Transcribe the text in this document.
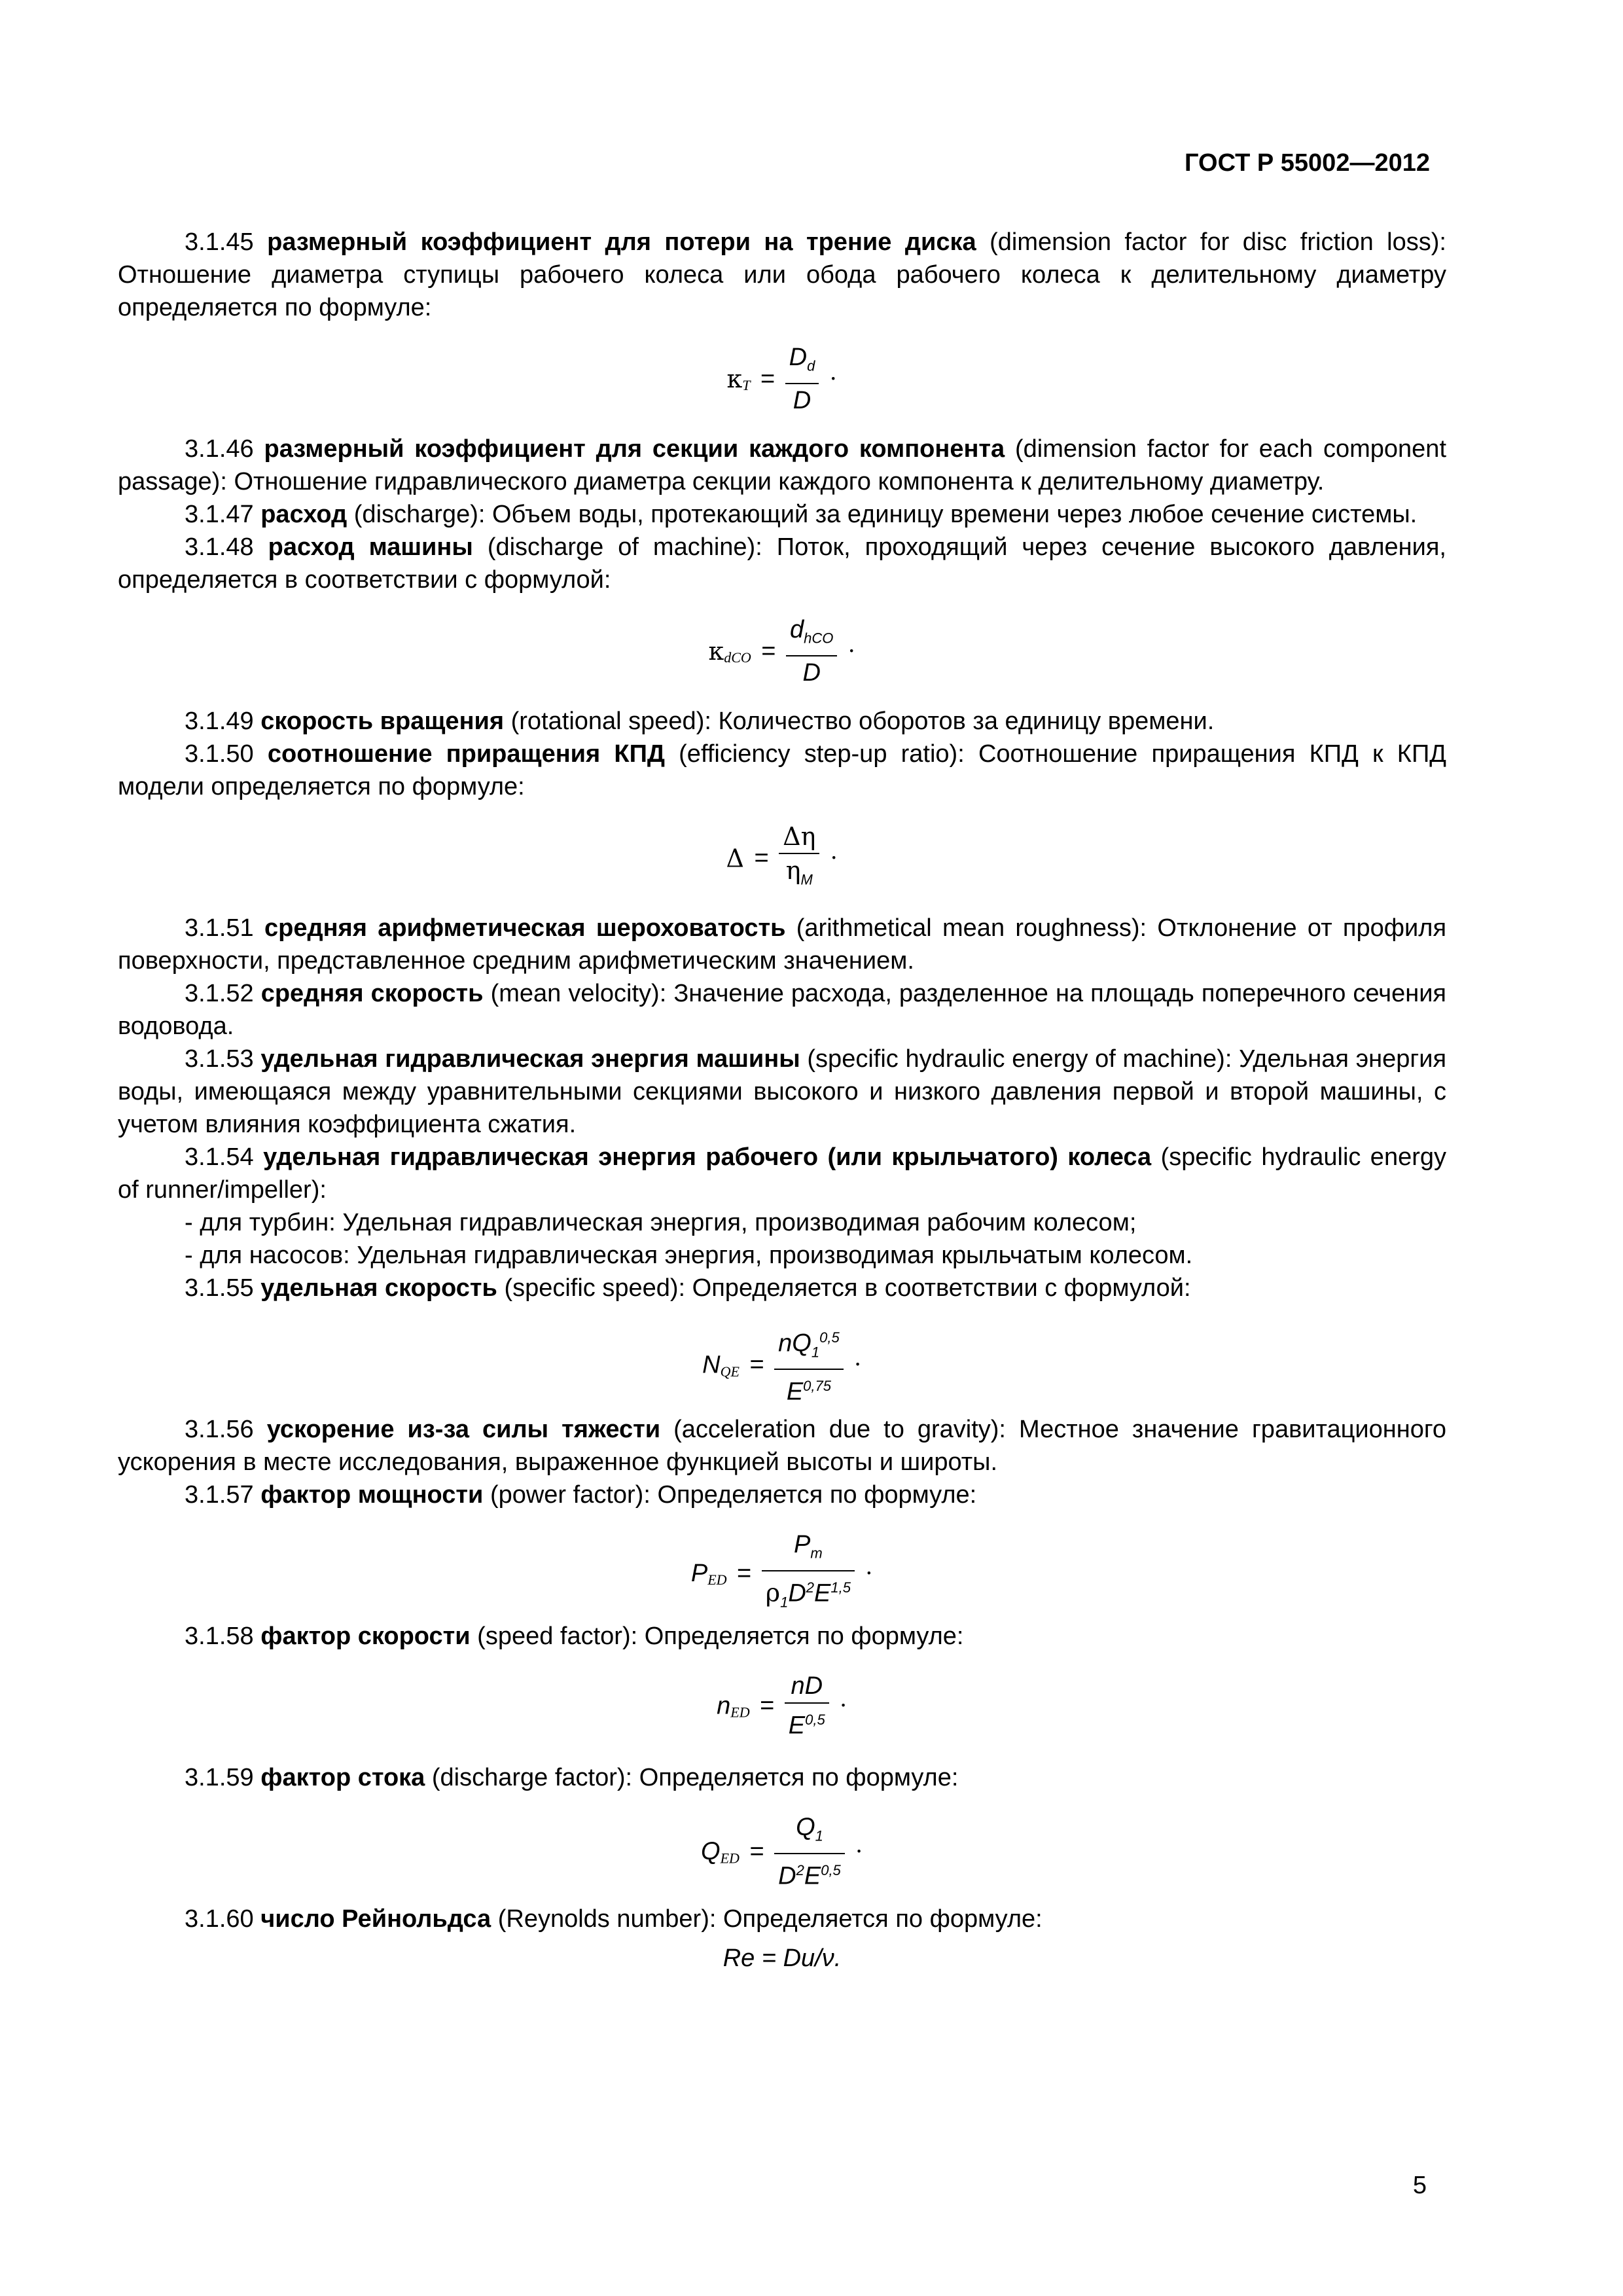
ГОСТ Р 55002—2012

3.1.45 размерный коэффициент для потери на трение диска (dimension factor for disc friction loss): Отношение диаметра ступицы рабочего колеса или обода рабочего колеса к делительному диаметру определяется по формуле:

$\kappa_T = \frac{D_d}{D}$ ·

3.1.46 размерный коэффициент для секции каждого компонента (dimension factor for each component passage): Отношение гидравлического диаметра секции каждого компонента к делительному диаметру.

3.1.47 расход (discharge): Объем воды, протекающий за единицу времени через любое сечение системы.

3.1.48 расход машины (discharge of machine): Поток, проходящий через сечение высокого давления, определяется в соответствии с формулой:

$\kappa_{dCO} = \frac{d_{hCO}}{D}$ ·

3.1.49 скорость вращения (rotational speed): Количество оборотов за единицу времени.

3.1.50 соотношение приращения КПД (efficiency step-up ratio): Соотношение приращения КПД к КПД модели определяется по формуле:

$\Delta = \frac{\Delta\eta}{\eta_M}$ ·

3.1.51 средняя арифметическая шероховатость (arithmetical mean roughness): Отклонение от профиля поверхности, представленное средним арифметическим значением.

3.1.52 средняя скорость (mean velocity): Значение расхода, разделенное на площадь поперечного сечения водовода.

3.1.53 удельная гидравлическая энергия машины (specific hydraulic energy of machine): Удельная энергия воды, имеющаяся между уравнительными секциями высокого и низкого давления первой и второй машины, с учетом влияния коэффициента сжатия.

3.1.54 удельная гидравлическая энергия рабочего (или крыльчатого) колеса (specific hydraulic energy of runner/impeller):

- для турбин: Удельная гидравлическая энергия, производимая рабочим колесом;

- для насосов: Удельная гидравлическая энергия, производимая крыльчатым колесом.

3.1.55 удельная скорость (specific speed): Определяется в соответствии с формулой:

$N_{QE} = \frac{nQ_1^{0,5}}{E^{0,75}}$ ·

3.1.56 ускорение из-за силы тяжести (acceleration due to gravity): Местное значение гравитационного ускорения в месте исследования, выраженное функцией высоты и широты.

3.1.57 фактор мощности (power factor): Определяется по формуле:

$P_{ED} = \frac{P_m}{\rho_1D^2E^{1,5}}$ ·

3.1.58 фактор скорости (speed factor): Определяется по формуле:

$n_{ED} = \frac{nD}{E^{0,5}}$ ·

3.1.59 фактор стока (discharge factor): Определяется по формуле:

$Q_{ED} = \frac{Q_1}{D^2E^{0,5}}$ ·

3.1.60 число Рейнольдса (Reynolds number): Определяется по формуле:

Re = Du/ν.
5
